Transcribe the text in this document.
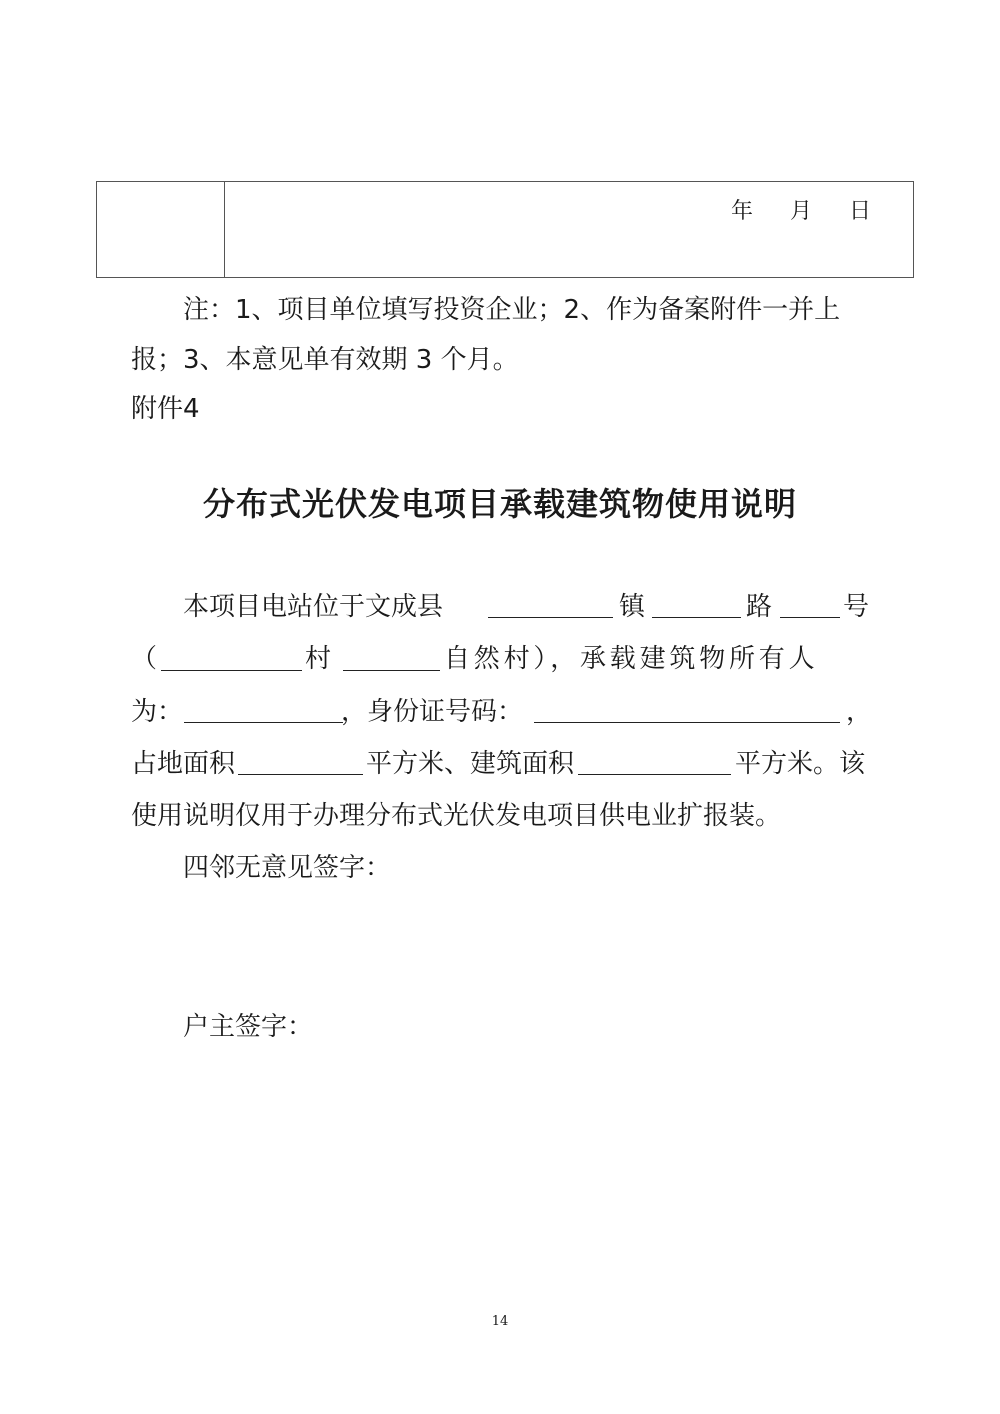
年 月 日
注：1、项目单位填写投资企业；2、作为备案附件一并上
报；3、本意见单有效期 3 个月。
附件4
分布式光伏发电项目承载建筑物使用说明
本项目电站位于文成县	镇	路	号
（	村	自然村），承载建筑物所有人
为：	，身份证号码：	，
占地面积	平方米、建筑面积	平方米。该
使用说明仅用于办理分布式光伏发电项目供电业扩报装。
四邻无意见签字：
户主签字：
14
